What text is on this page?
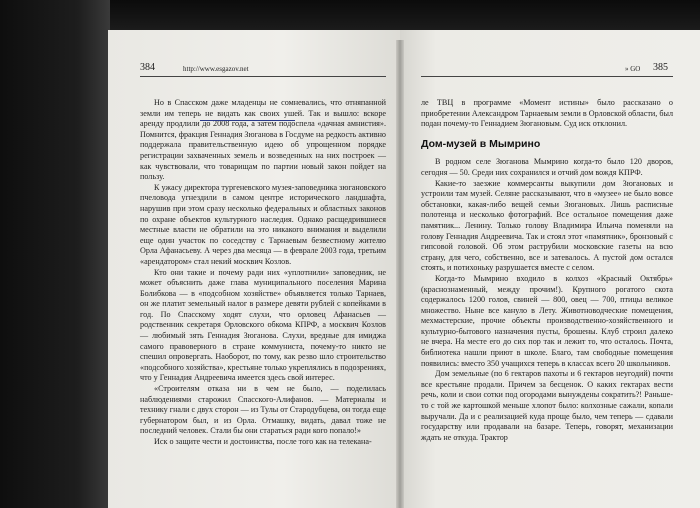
384	http://www.esgazov.net	» GO 385

Но в Спасском даже младенцы не сомневались, что отняпанной земли им теперь не видать как своих ушей. Так и вышло: вскоре аренду продлили до 2008 года, а затем подоспела «дачная амнистия». Помнится, фракция Геннадия Зюганова в Госдуме на редкость активно поддержала правительственную идею об упрощенном порядке регистрации захваченных земель и возведенных на них построек — как чувствовали, что товарищам по партии новый закон пойдет на пользу.

К ужасу директора тургеневского музея-заповедника зюгановского пчеловода угнездили в самом центре исторического ландшафта, нарушив при этом сразу несколько федеральных и областных законов по охране объектов культурного наследия. Однако расщедрившиеся местные власти не обратили на это никакого внимания и выделили еще один участок по соседству с Тарнаевым безвестному жителю Орла Афанасьеву. А через два месяца — в феврале 2003 года, третьим «арендатором» стал некий москвич Козлов.

Кто они такие и почему ради них «уплотнили» заповедник, не может объяснить даже глава муниципального поселения Марина Болибкова — в «подсобном хозяйстве» объявляется только Тарнаев, он же платит земельный налог в размере девяти рублей с копейками в год. По Спасскому ходят слухи, что орловец Афанасьев — родственник секретаря Орловского обкома КПРФ, а москвич Козлов — любимый зять Геннадия Зюганова. Слухи, вредные для имиджа самого правоверного в стране коммуниста, почему-то никто не спешил опровергать. Наоборот, по тому, как резво шло строительство «подсобного хозяйства», крестьяне только укреплялись в подозрениях, что у Геннадия Андреевича имеется здесь свой интерес.

«Строителям отказа ни в чем не было, — поделилась наблюдениями старожил Спасского-Алифанов. — Материалы и технику гнали с двух сторон — из Тулы от Стародубцева, он тогда еще губернатором был, и из Орла. Отмашку, видать, давал тоже не последний человек. Стали бы они стараться ради кого попало!»

Иск о защите чести и достоинства, после того как на телекана-

ле ТВЦ в программе «Момент истины» было рассказано о приобретении Александром Тарнаевым земли в Орловской области, был подан почему-то Геннадием Зюгановым. Суд иск отклонил.

Дом-музей в Мымрино

В родном селе Зюганова Мымрино когда-то было 120 дворов, сегодня — 50. Среди них сохранился и отчий дом вождя КПРФ.

Какие-то заезжие коммерсанты выкупили дом Зюгановых и устроили там музей. Селяне рассказывают, что в «музее» не было вовсе обстановки, какая-либо вещей семьи Зюгановых. Лишь расписные полотенца и несколько фотографий. Все остальное помещения даже памятник... Ленину. Только голову Владимира Ильича поменяли на голову Геннадия Андреевича. Так и стоял этот «памятник», бронзовый с гипсовой головой. Об этом раструбили московские газеты на всю страну, для чего, собственно, все и затевалось. А пустой дом остался стоять, и потихоньку разрушается вместе с селом.

Когда-то Мымрино входило в колхоз «Красный Октябрь» (краснознаменный, между прочим!). Крупного рогатого скота содержалось 1200 голов, свиней — 800, овец — 700, птицы великое множество. Ныне все кануло в Лету. Животноводческие помещения, мехмастерские, прочие объекты производственно-хозяйственного и культурно-бытового назначения пусты, брошены. Клуб строил далеко не вчера. На месте его до сих пор так и лежит то, что осталось. Почта, библиотека нашли приют в школе. Благо, там свободные помещения появились: вместо 350 учащихся теперь в классах всего 20 школьников.

Дом земельные (по 6 гектаров пахоты и 6 гектаров неугодий) почти все крестьяне продали. Причем за бесценок. О каких гектарах вести речь, коли и свои сотки под огородами вынуждены сократить?! Раньше-то с той же картошкой меньше хлопот было: колхозные сажали, копали выручали. Да и с реализацией куда проще было, чем теперь — сдавали государству или продавали на базаре. Теперь, говорят, механизации ждать не откуда. Трактор
